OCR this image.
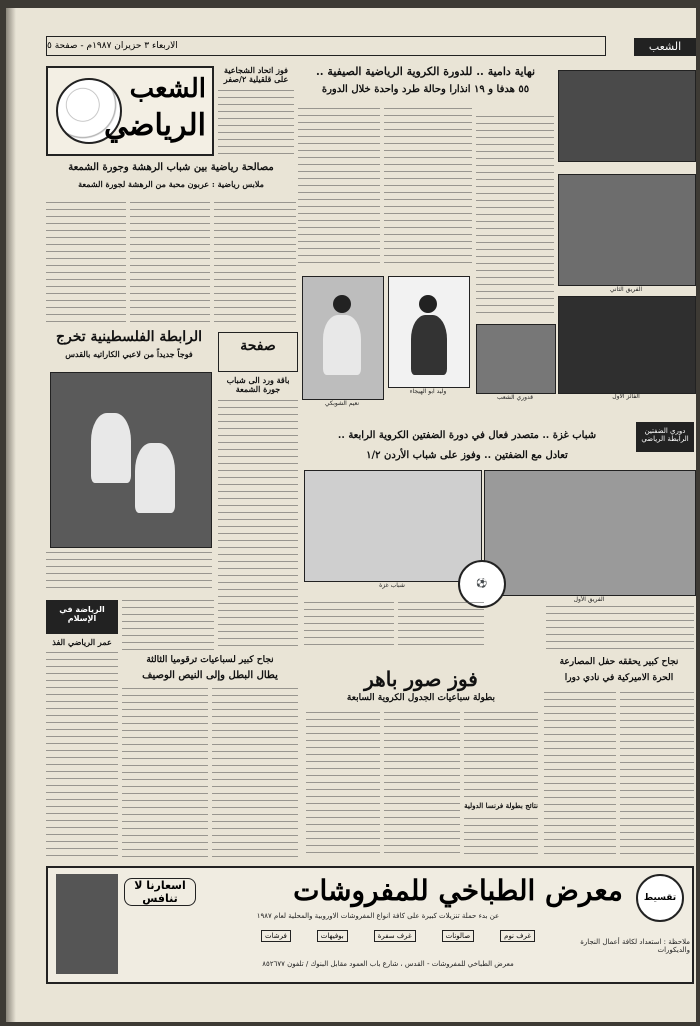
الاربعاء ٣ حزيران ١٩٨٧م - صفحة ٥	الشعب
الشعب
الرياضي
فوز اتحاد الشجاعية على قلقيلية ٢/صفر
نهاية دامية .. للدورة الكروية الرياضية الصيفية ..
٥٥ هدفا و ١٩ انذارا وحالة طرد واحدة خلال الدورة
الفريق الثاني
الفائز الأول
مصالحة رياضية بين شباب الرهشة وجورة الشمعة
ملابس رياضية : عربون محبة من الرهشة لجورة الشمعة
نعيم الشوبكي
وليد ابو الهيجاء
قدوري الشعب
الرابطة الفلسطينية تخرج
فوجاً جديداً من لاعبي الكاراتيه بالقدس	صفحة
باقة ورد الى شباب جورة الشمعة
شباب غزة .. متصدر فعال في دورة الضفتين الكروية الرابعة ..
تعادل مع الضفتين .. وفوز على شباب الأردن ١/٢
دوري الضفتين
الرابطة الرياضي
شباب غزة
الفريق الأول
⚽
الرياضة في الإسلام
عمر الرياضي الفذ
نجاح كبير لسباعيات ترقوميا الثالثة
يطال البطل وإلى النيص الوصيف	فوز صور باهر
بطولة سباعيات الجدول الكروية السابعة
نتائج بطولة فرنسا الدولية
نجاح كبير يحققه حفل المصارعة
الحرة الاميركية في نادي دورا
اسعارنا لا تنافس	معرض الطباخي للمفروشات
عن بدء حملة تنزيلات كبيرة على كافة انواع المفروشات الاوروبية والمحلية لعام ١٩٨٧
غرف نوم
صالونات
غرف سفرة
بوفيهات
فرشات
معرض الطباخي للمفروشات - القدس ، شارع باب العمود مقابل البنوك / تلفون ٨٥٢٦٧٧
تقسيط
ملاحظة : استعداد لكافة أعمال النجارة والديكورات
